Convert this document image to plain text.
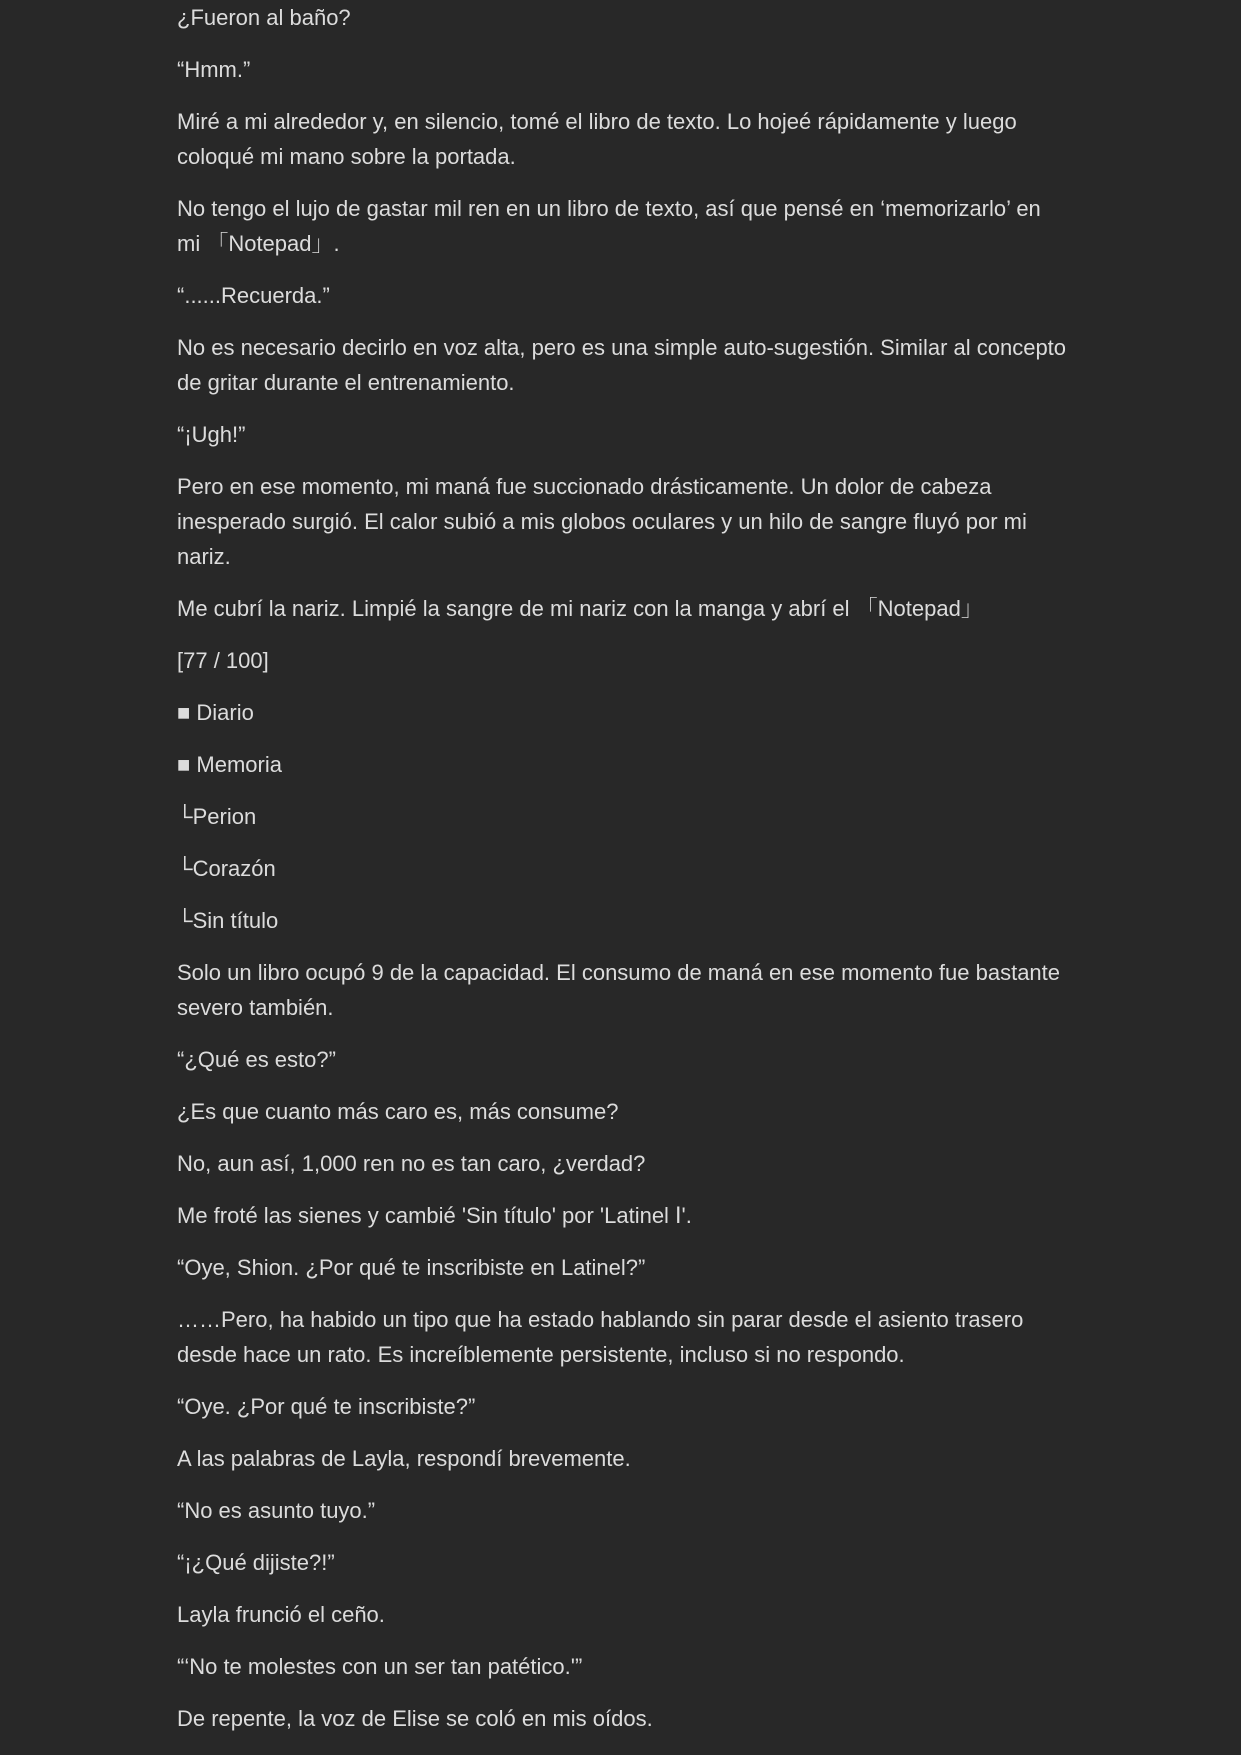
¿Fueron al baño?

“Hmm.”

Miré a mi alrededor y, en silencio, tomé el libro de texto. Lo hojeé rápidamente y luego coloqué mi mano sobre la portada.

No tengo el lujo de gastar mil ren en un libro de texto, así que pensé en ‘memorizarlo’ en mi 「Notepad」.

“......Recuerda.”

No es necesario decirlo en voz alta, pero es una simple auto-sugestión. Similar al concepto de gritar durante el entrenamiento.

“¡Ugh!”

Pero en ese momento, mi maná fue succionado drásticamente. Un dolor de cabeza inesperado surgió. El calor subió a mis globos oculares y un hilo de sangre fluyó por mi nariz.

Me cubrí la nariz. Limpié la sangre de mi nariz con la manga y abrí el 「Notepad」

[77 / 100]

■ Diario

■ Memoria

└Perion

└Corazón

└Sin título

Solo un libro ocupó 9 de la capacidad. El consumo de maná en ese momento fue bastante severo también.

“¿Qué es esto?”

¿Es que cuanto más caro es, más consume?

No, aun así, 1,000 ren no es tan caro, ¿verdad?

Me froté las sienes y cambié 'Sin título' por 'Latinel Ⅰ'.

“Oye, Shion. ¿Por qué te inscribiste en Latinel?”

……Pero, ha habido un tipo que ha estado hablando sin parar desde el asiento trasero desde hace un rato. Es increíblemente persistente, incluso si no respondo.

“Oye. ¿Por qué te inscribiste?”

A las palabras de Layla, respondí brevemente.

“No es asunto tuyo.”

“¡¿Qué dijiste?!”

Layla frunció el ceño.

“‘No te molestes con un ser tan patético.'”

De repente, la voz de Elise se coló en mis oídos.
